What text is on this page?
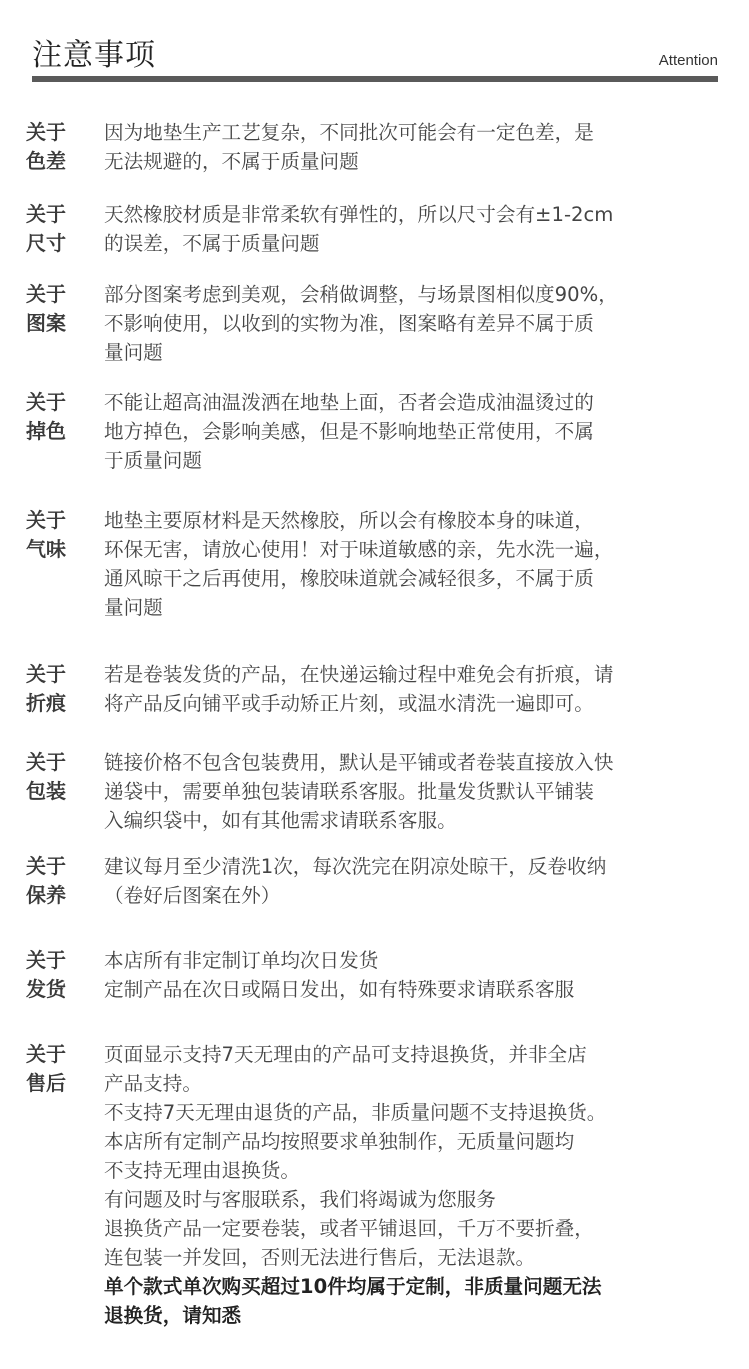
注意事项	Attention
关于
色差
因为地垫生产工艺复杂，不同批次可能会有一定色差，是
无法规避的，不属于质量问题
关于
尺寸
天然橡胶材质是非常柔软有弹性的，所以尺寸会有±1-2cm
的误差，不属于质量问题
关于
图案
部分图案考虑到美观，会稍做调整，与场景图相似度90%，
不影响使用，以收到的实物为准，图案略有差异不属于质
量问题
关于
掉色
不能让超高油温泼洒在地垫上面，否者会造成油温烫过的
地方掉色，会影响美感，但是不影响地垫正常使用，不属
于质量问题
关于
气味
地垫主要原材料是天然橡胶，所以会有橡胶本身的味道，
环保无害，请放心使用！对于味道敏感的亲，先水洗一遍，
通风晾干之后再使用，橡胶味道就会减轻很多，不属于质
量问题
关于
折痕
若是卷装发货的产品，在快递运输过程中难免会有折痕，请
将产品反向铺平或手动矫正片刻，或温水清洗一遍即可。
关于
包装
链接价格不包含包装费用，默认是平铺或者卷装直接放入快
递袋中，需要单独包装请联系客服。批量发货默认平铺装
入编织袋中，如有其他需求请联系客服。
关于
保养
建议每月至少清洗1次，每次洗完在阴凉处晾干，反卷收纳
（卷好后图案在外）
关于
发货
本店所有非定制订单均次日发货
定制产品在次日或隔日发出，如有特殊要求请联系客服
关于
售后
页面显示支持7天无理由的产品可支持退换货，并非全店
产品支持。
不支持7天无理由退货的产品，非质量问题不支持退换货。
本店所有定制产品均按照要求单独制作，无质量问题均
不支持无理由退换货。
有问题及时与客服联系，我们将竭诚为您服务
退换货产品一定要卷装，或者平铺退回，千万不要折叠，
连包装一并发回，否则无法进行售后，无法退款。
单个款式单次购买超过10件均属于定制，非质量问题无法
退换货，请知悉
